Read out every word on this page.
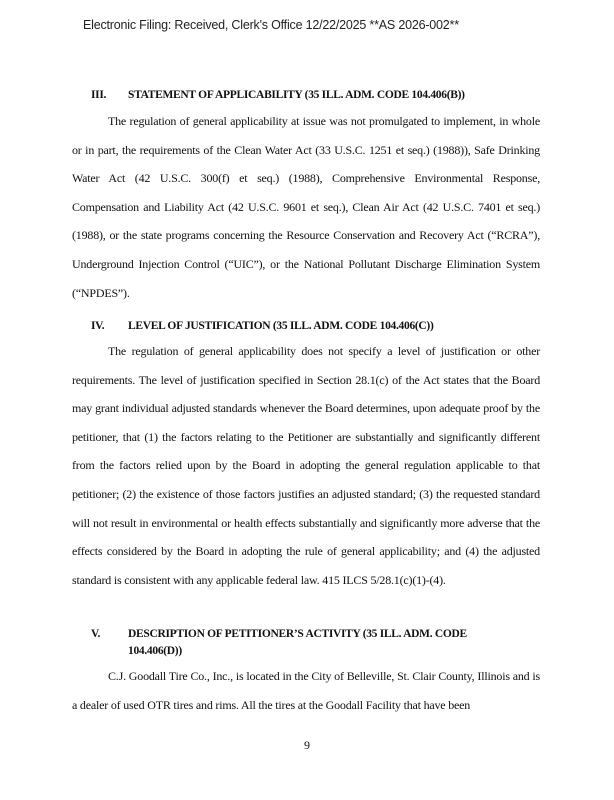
Electronic Filing: Received, Clerk's Office 12/22/2025 **AS 2026-002**
III. STATEMENT OF APPLICABILITY (35 ILL. ADM. CODE 104.406(B))

The regulation of general applicability at issue was not promulgated to implement, in whole or in part, the requirements of the Clean Water Act (33 U.S.C. 1251 et seq.) (1988)), Safe Drinking Water Act (42 U.S.C. 300(f) et seq.) (1988), Comprehensive Environmental Response, Compensation and Liability Act (42 U.S.C. 9601 et seq.), Clean Air Act (42 U.S.C. 7401 et seq.) (1988), or the state programs concerning the Resource Conservation and Recovery Act (“RCRA”), Underground Injection Control (“UIC”), or the National Pollutant Discharge Elimination System (“NPDES”).

IV. LEVEL OF JUSTIFICATION (35 ILL. ADM. CODE 104.406(C))

The regulation of general applicability does not specify a level of justification or other requirements. The level of justification specified in Section 28.1(c) of the Act states that the Board may grant individual adjusted standards whenever the Board determines, upon adequate proof by the petitioner, that (1) the factors relating to the Petitioner are substantially and significantly different from the factors relied upon by the Board in adopting the general regulation applicable to that petitioner; (2) the existence of those factors justifies an adjusted standard; (3) the requested standard will not result in environmental or health effects substantially and significantly more adverse that the effects considered by the Board in adopting the rule of general applicability; and (4) the adjusted standard is consistent with any applicable federal law. 415 ILCS 5/28.1(c)(1)-(4).

V. DESCRIPTION OF PETITIONER’S ACTIVITY (35 ILL. ADM. CODE
104.406(D))

C.J. Goodall Tire Co., Inc., is located in the City of Belleville, St. Clair County, Illinois and is a dealer of used OTR tires and rims. All the tires at the Goodall Facility that have been

9
